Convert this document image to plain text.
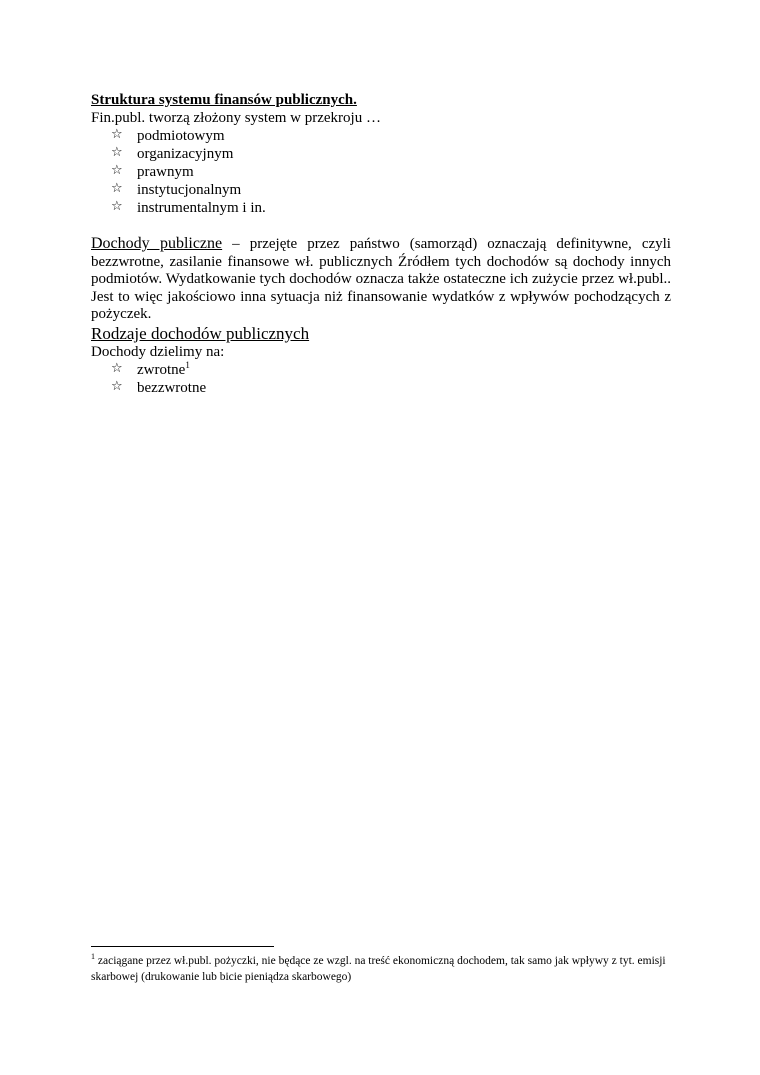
Struktura systemu finansów publicznych.

Fin.publ. tworzą złożony system w przekroju …

☆ podmiotowym
☆ organizacyjnym
☆ prawnym
☆ instytucjonalnym
☆ instrumentalnym i in.

Dochody publiczne – przejęte przez państwo (samorząd) oznaczają definitywne, czyli bezzwrotne, zasilanie finansowe wł. publicznych Źródłem tych dochodów są dochody innych podmiotów. Wydatkowanie tych dochodów oznacza także ostateczne ich zużycie przez wł.publ.. Jest to więc jakościowo inna sytuacja niż finansowanie wydatków z wpływów pochodzących z pożyczek.

Rodzaje dochodów publicznych

Dochody dzielimy na:

☆ zwrotne$^1$
☆ bezzwrotne
$^1$ zaciągane przez wł.publ. pożyczki, nie będące ze wzgl. na treść ekonomiczną dochodem, tak samo jak wpływy z tyt. emisji skarbowej (drukowanie lub bicie pieniądza skarbowego)
